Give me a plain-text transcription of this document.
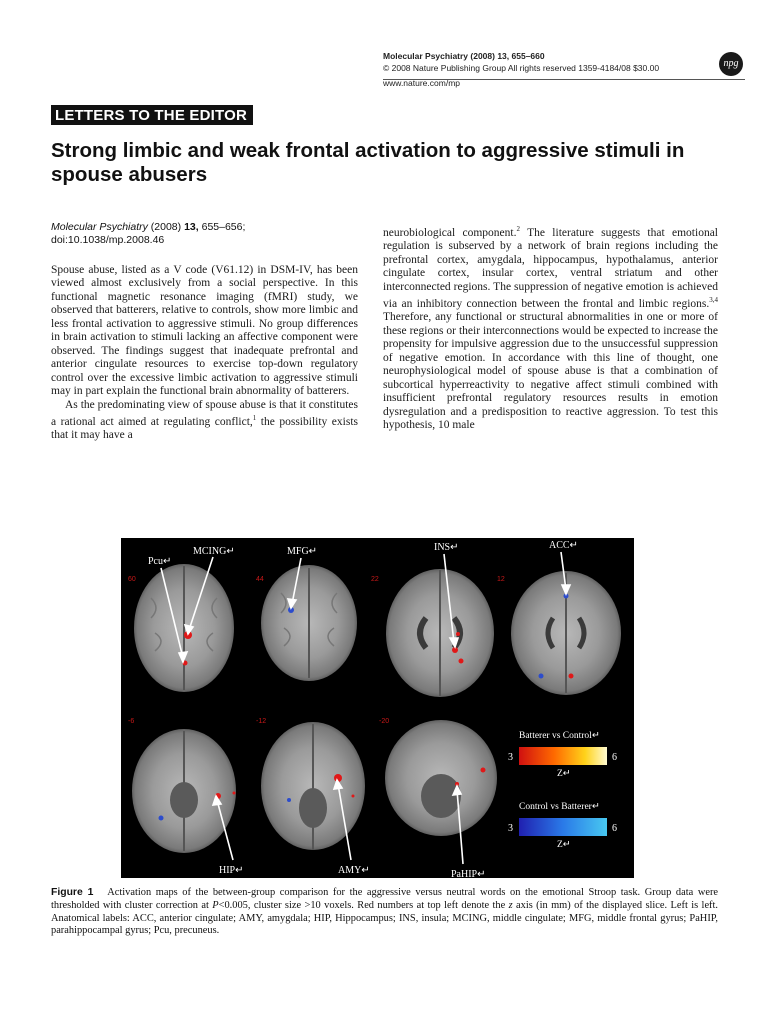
Molecular Psychiatry (2008) 13, 655–660
© 2008 Nature Publishing Group All rights reserved 1359-4184/08 $30.00
www.nature.com/mp
npg
LETTERS TO THE EDITOR
Strong limbic and weak frontal activation to aggressive stimuli in spouse abusers
Molecular Psychiatry (2008) 13, 655–656;
doi:10.1038/mp.2008.46

Spouse abuse, listed as a V code (V61.12) in DSM-IV, has been viewed almost exclusively from a social perspective. In this functional magnetic resonance imaging (fMRI) study, we observed that batterers, relative to controls, show more limbic and less frontal activation to aggressive stimuli. No group differences in brain activation to stimuli lacking an affective component were observed. The findings suggest that inadequate prefrontal and anterior cingulate resources to exercise top-down regulatory control over the excessive limbic activation to aggressive stimuli may in part explain the functional brain abnormality of batterers.

As the predominating view of spouse abuse is that it constitutes a rational act aimed at regulating conflict,$^1$ the possibility exists that it may have a

neurobiological component.$^2$ The literature suggests that emotional regulation is subserved by a network of brain regions including the prefrontal cortex, amygdala, hippocampus, hypothalamus, anterior cingulate cortex, insular cortex, ventral striatum and other interconnected regions. The suppression of negative emotion is achieved via an inhibitory connection between the frontal and limbic regions.$^{3,4}$ Therefore, any functional or structural abnormalities in one or more of these regions or their interconnections would be expected to increase the propensity for impulsive aggression due to the unsuccessful suppression of negative emotion. In accordance with this line of thought, one neurophysiological model of spouse abuse is that a combination of subcortical hyperreactivity to negative affect stimuli combined with insufficient prefrontal regulatory resources results in emotion dysregulation and a predisposition to reactive aggression. To test this hypothesis, 10 male

60	44	22	12
-6	-12	-20
Pcu↵
MCING↵	MFG↵	INS↵	ACC↵
HIP↵	AMY↵	PaHIP↵
Batterer vs Control↵
3	6
Z↵
Control vs Batterer↵
3	6
Z↵
Figure 1 Activation maps of the between-group comparison for the aggressive versus neutral words on the emotional Stroop task. Group data were thresholded with cluster correction at P<0.005, cluster size >10 voxels. Red numbers at top left denote the z axis (in mm) of the displayed slice. Left is left. Anatomical labels: ACC, anterior cingulate; AMY, amygdala; HIP, Hippocampus; INS, insula; MCING, middle cingulate; MFG, middle frontal gyrus; PaHIP, parahippocampal gyrus; Pcu, precuneus.
